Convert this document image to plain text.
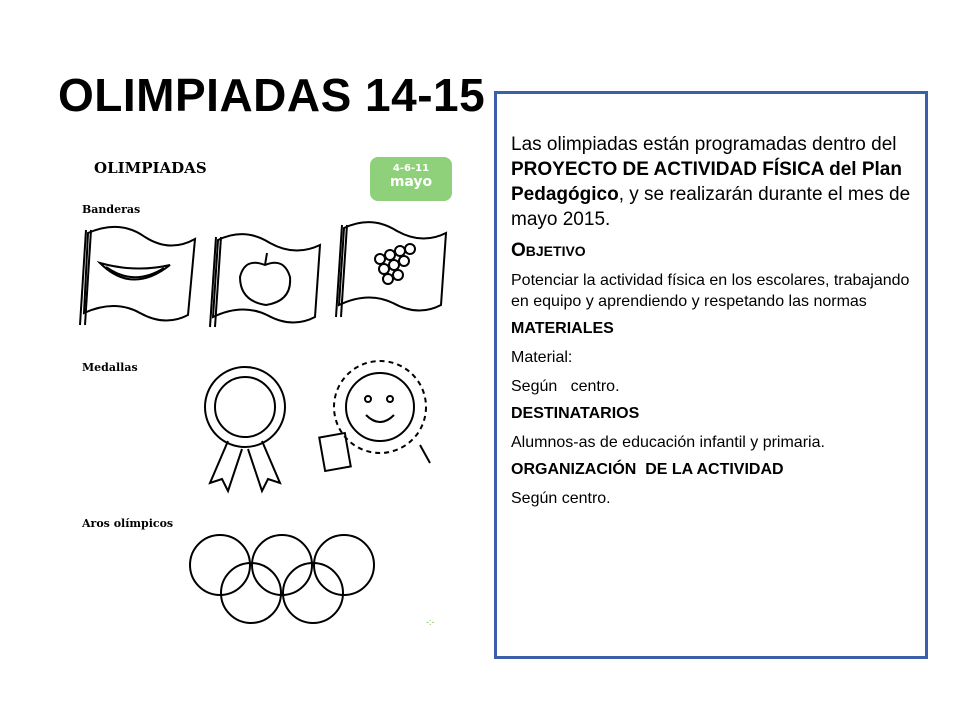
OLIMPIADAS 14-15
OLIMPIADAS	4-6-11
mayo
Banderas
Medallas
Aros olímpicos
-:-

Las olimpiadas están programadas dentro del PROYECTO DE ACTIVIDAD FÍSICA del Plan Pedagógico, y se realizarán durante el mes de mayo 2015.

OBJETIVO

Potenciar la actividad física en los escolares, trabajando en equipo y aprendiendo y respetando las normas

MATERIALES

Material:

Según   centro.

DESTINATARIOS

Alumnos-as de educación infantil y primaria.

ORGANIZACIÓN  DE LA ACTIVIDAD

Según centro.
